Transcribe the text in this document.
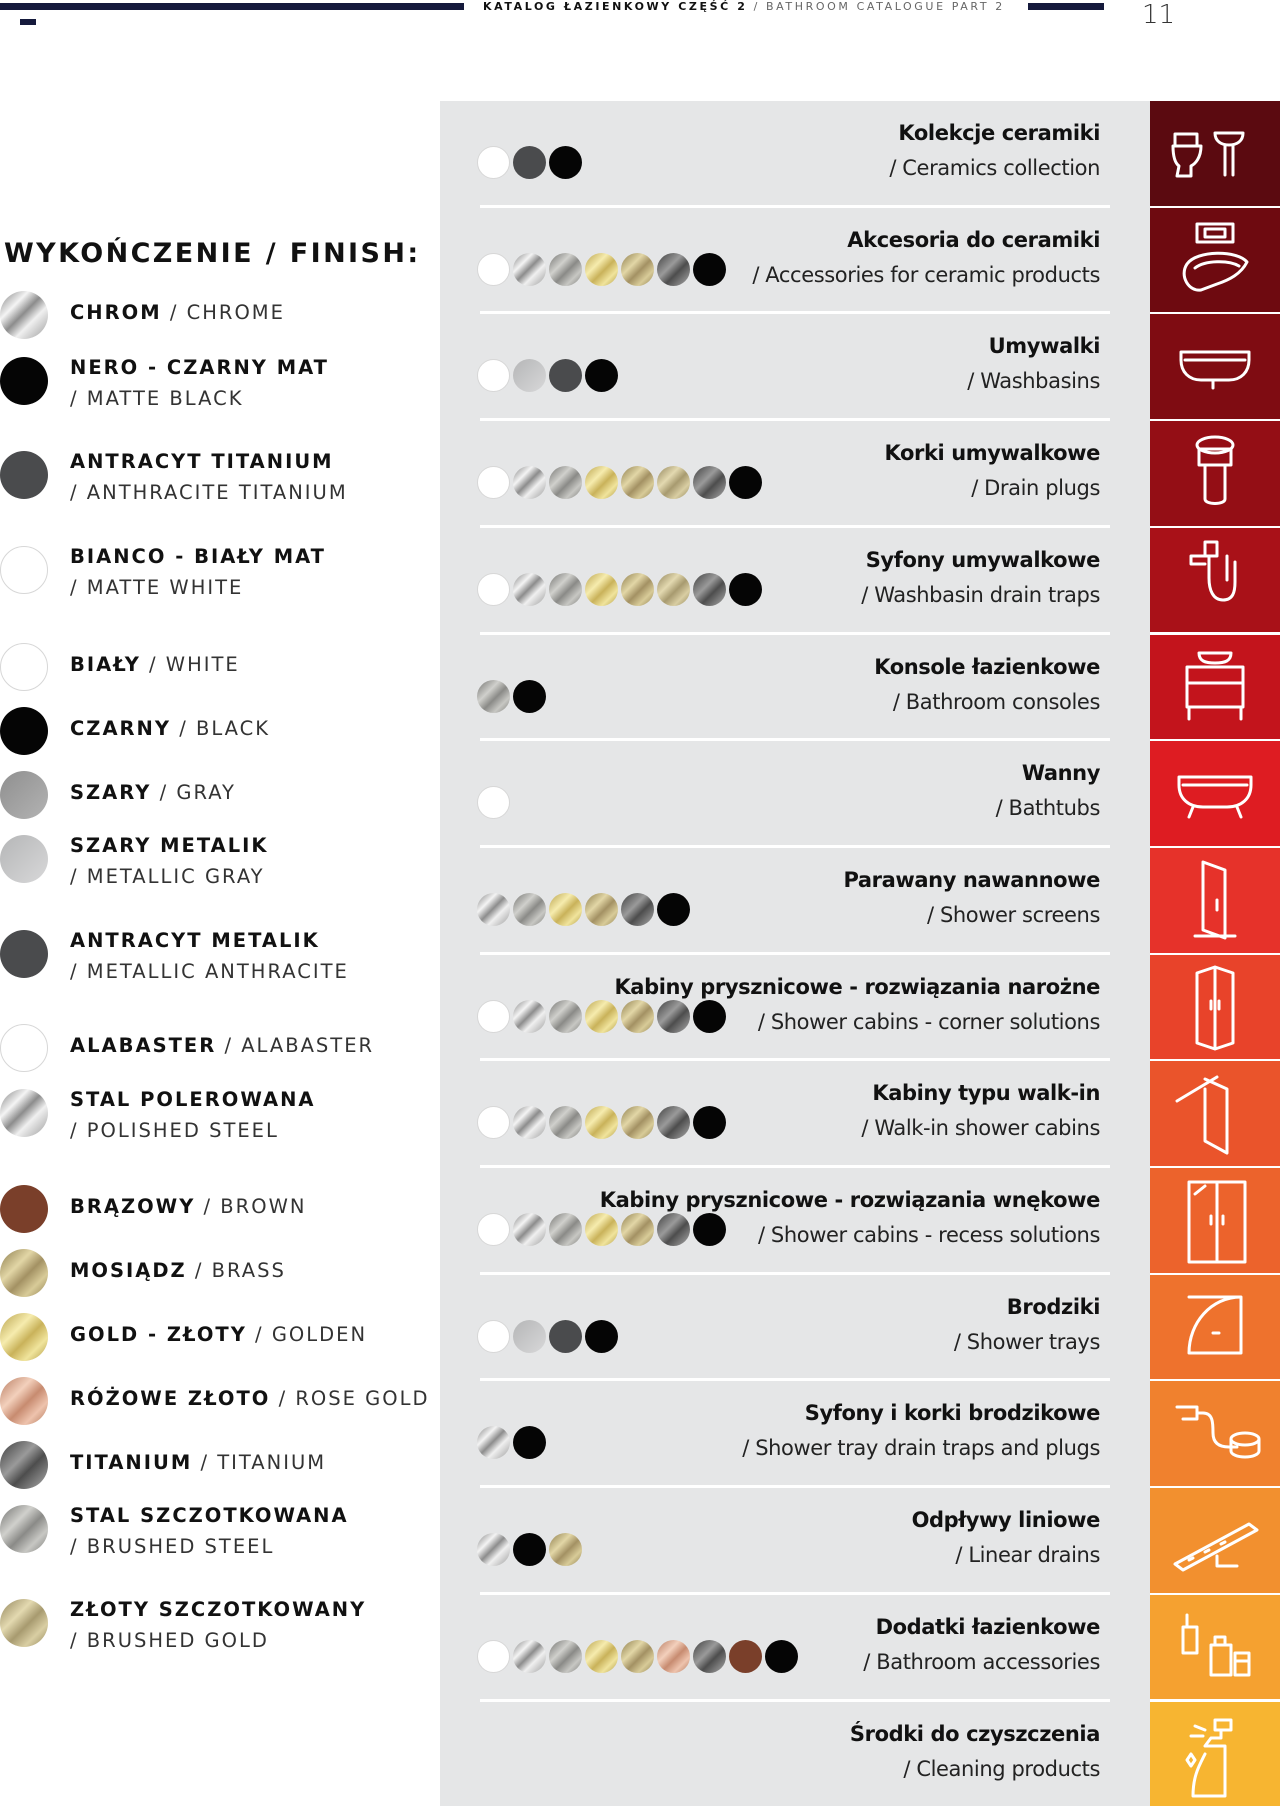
KATALOG ŁAZIENKOWY CZĘŚĆ 2 / BATHROOM CATALOGUE PART 2	11
WYKOŃCZENIE / FINISH:
CHROM / CHROME
NERO - CZARNY MAT
/ MATTE BLACK
ANTRACYT TITANIUM
/ ANTHRACITE TITANIUM
BIANCO - BIAŁY MAT
/ MATTE WHITE
BIAŁY / WHITE
CZARNY / BLACK
SZARY / GRAY
SZARY METALIK
/ METALLIC GRAY
ANTRACYT METALIK
/ METALLIC ANTHRACITE
ALABASTER / ALABASTER
STAL POLEROWANA
/ POLISHED STEEL
BRĄZOWY / BROWN
MOSIĄDZ / BRASS
GOLD - ZŁOTY / GOLDEN
RÓŻOWE ZŁOTO / ROSE GOLD
TITANIUM / TITANIUM
STAL SZCZOTKOWANA
/ BRUSHED STEEL
ZŁOTY SZCZOTKOWANY
/ BRUSHED GOLD
Kolekcje ceramiki
/ Ceramics collection
Akcesoria do ceramiki
/ Accessories for ceramic products
Umywalki
/ Washbasins
Korki umywalkowe
/ Drain plugs
Syfony umywalkowe
/ Washbasin drain traps
Konsole łazienkowe
/ Bathroom consoles
Wanny
/ Bathtubs
Parawany nawannowe
/ Shower screens
Kabiny prysznicowe - rozwiązania narożne
/ Shower cabins - corner solutions
Kabiny typu walk-in
/ Walk-in shower cabins
Kabiny prysznicowe - rozwiązania wnękowe
/ Shower cabins - recess solutions
Brodziki
/ Shower trays
Syfony i korki brodzikowe
/ Shower tray drain traps and plugs
Odpływy liniowe
/ Linear drains
Dodatki łazienkowe
/ Bathroom accessories
Środki do czyszczenia
/ Cleaning products
